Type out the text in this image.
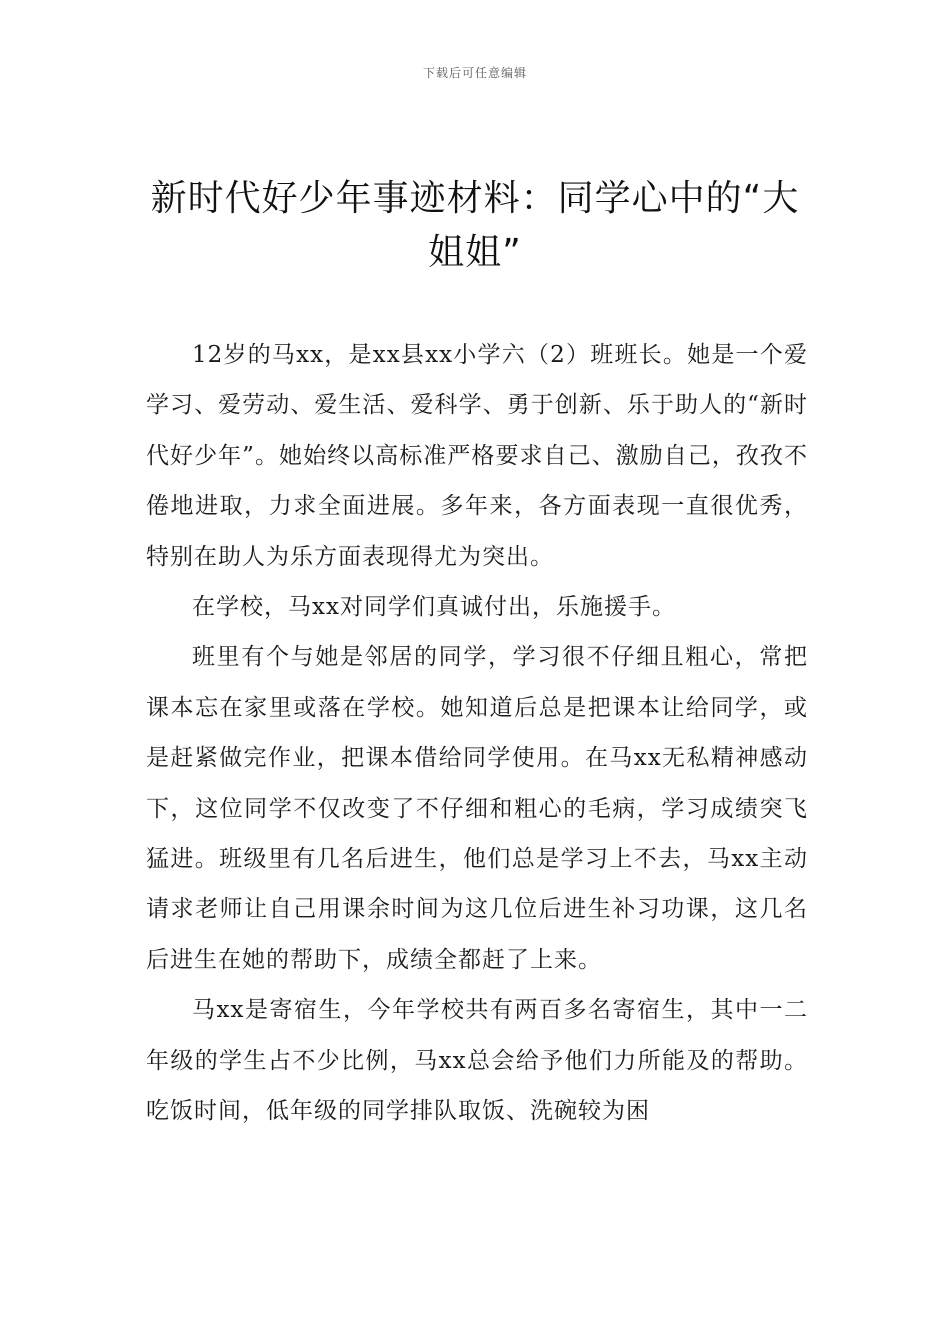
下载后可任意编辑
新时代好少年事迹材料：同学心中的“大姐姐”

12岁的马xx，是xx县xx小学六（2）班班长。她是一个爱学习、爱劳动、爱生活、爱科学、勇于创新、乐于助人的“新时代好少年”。她始终以高标准严格要求自己、激励自己，孜孜不倦地进取，力求全面进展。多年来，各方面表现一直很优秀，特别在助人为乐方面表现得尤为突出。

在学校，马xx对同学们真诚付出，乐施援手。

班里有个与她是邻居的同学，学习很不仔细且粗心，常把课本忘在家里或落在学校。她知道后总是把课本让给同学，或是赶紧做完作业，把课本借给同学使用。在马xx无私精神感动下，这位同学不仅改变了不仔细和粗心的毛病，学习成绩突飞猛进。班级里有几名后进生，他们总是学习上不去，马xx主动请求老师让自己用课余时间为这几位后进生补习功课，这几名后进生在她的帮助下，成绩全都赶了上来。

马xx是寄宿生，今年学校共有两百多名寄宿生，其中一二年级的学生占不少比例，马xx总会给予他们力所能及的帮助。吃饭时间，低年级的同学排队取饭、洗碗较为困
